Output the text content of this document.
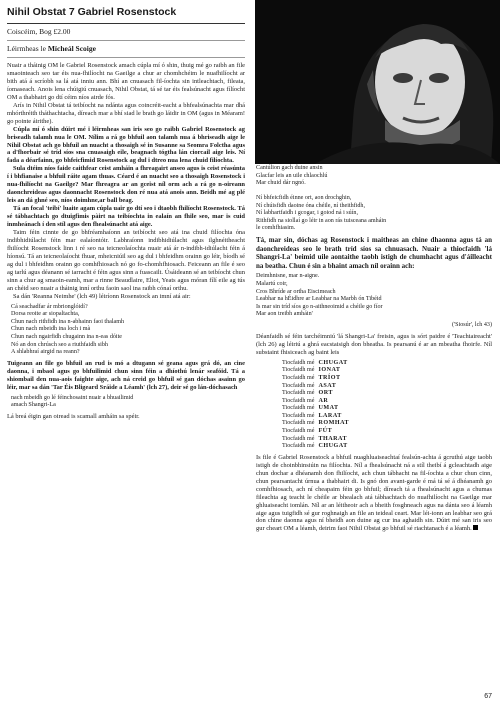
Nihil Obstat 7 Gabriel Rosenstock
Coiscéim, Bog £2.00
Léirmheas le Mícheál Scoige

Nuair a tháinig OM le Gabriel Rosenstock amach cúpla mí ó shin, thuig mé go raibh an file smaointeach seo tar éis nua-fhilíocht na Gaeilge a chur ar chomhchéim le nuafhilíocht ar bith atá á scríobh sa lá atá inniu ann. Bhí an cnuasach fil-íochta sin intleachtach, fileata, íomaseach. Anois lena chúigiú cnuasach, Nihil Obstat, tá sé tar éis fealsúnacht agus fílíocht OM a thabhairt go dtí céim níos airde fós.

Arís in Nihil Obstat tá teibíocht na ndánta agus coincréit-eacht a bhfealsúnachta mar dhá mhórthréith tháthachtacha, díreach mar a bhí siad le brath go láidir in OM (agus in Méaram! go pointe áirithe).

Cúpla mí ó shin dúirt mé i léirmheas san iris seo go raibh Gabriel Rosenstock ag briseadh talamh nua le OM. Nílim a rá go bhfuil aon talamh nua á bhriseadh aige le Nihil Obstat ach go bhfuil an nuacht a thosaigh sé in Susanne sa Seomra Folctha agus a d'fhorbair sé tríd síos sna cnuasaigh eile, beagnach tógtha lán ciorcail aige leis. Ní fada a déarfainn, go bhfeicfimid Rosenstock ag dul i dtreo nua lena chuid filíochta.

Sula dtéim níos faide caithfear ceist amháin a fhreagairt anseo agus is ceist réasúnta í i bhfianaise a bhfuil ráite agam thuas. Céard é an nuacht seo a thosaigh Rosenstock i nua-fhilíocht na Gaeilge? Mar fhreagra ar an gceist níl orm ach a rá go n-oireann daonchreideas agus daonnacht Rosenstock don ré nua atá anois ann. Beidh mé ag plé leis an dá ghné seo, níos doimhne,ar ball beag.

Tá an focal 'teibí' luaite agam cúpla uair go dtí seo i dtaobh fhilíocht Rosenstock. Tá sé tábhachtach go dtuigfimis pàirt na teibíochta in ealaín an fhile seo, mar is cuid inmheánach í den stíl agus den fhealsúnacht atá aige.

Taim féin cinnte de go bhfréamhaíonn an teibíocht seo atá ina chuid filíochta óna indibhidiúlacht féin mar ealaíontóir. Labhraíonn indibhidiúlacht agus ilghnéitheacht fhilíocht Rosenstock linn i ré seo na teicneolaíochta nuair atá ár n-indibh-idiúlacht féin á híonsú. Tá an teicneolaíocht fhuar, mheicniúil seo ag dul i bhfeidhm orainn go léir, bíodh sé ag dul i bhfeidhm orainn go comhfhiosach nó go fo-chomhfhiosach. Feiceann an file é seo ag tarlú agus déanann sé iarracht é féin agus sinn a fuascailt. Úsáideann sé an teibíocht chun sinn a chur ag smaoin-eamh, mar a rinne Beaudlaire, Eliot, Yeats agus móran fílí eile ag tús an chéid seo nuair a tháinig inní orthu faoin saol ina raibh cónaí orthu.

Sa dán 'Reanna Neimhe' (lch 49) léiríonn Rosenstock an imní atá air:

Cá seachadfar ár mbrionglóidí?
Dorsa reoite ar siopaltachta,
Chun nach rithfidh ina n-abhainn faoi thalamh
Chun nach mbeidh ina loch i mà
Chun nach ngairfidh chugainn ina n-eas dóite
Nó an don chrúsch seo a riuthfaidh sibh
A shlabhraí airgid na reann?

Tuigeann an file go bhfuil an rud is mó a dtugann sé geana agus grá dó, an cine daonna, i mbaol agus go bhfuilimid chun sinn féin a dhíothú lenár seafóid. Tá a shiombail den nua-aois faighte aige, ach ná creid go bhfuil sé gan dóchas asainn go léir, mar sa dán 'Tar Éis Bligeard Sráide a Léamh' (lch 27), deir sé go lán-dóchasach

nach mbeidh go lé féinchosaint nuair a bhuailimid
amach Shangri-La

Lá breá éigin gan oiread is scamall amháin sa spéir.

Cantúlion gach duine ansin
Glacfar leis an uile chlaochlú
Mar chuid dár ngnó.
Ní bhfeicfidh éinne ort, aon drochghin,
Ní chúisfidh daoine óna chéile, ní theithfidh,
Ní labhartfaidh i gcogar, i goiod ná i súín,
Rithfidh na siollaí go léir in aon rás tuisceana amháin
le comhfhiasim.

Tá, mar sin, dóchas ag Rosenstock i maitheas an chine dhaonna agus tá an daonchreideas seo le brath tríd síos sa chnuasach. Nuair a thiocfaidh 'lá Shangri-La' beimid uile aontaithe taobh istigh de chumhacht agus d'áilleacht na beatha. Chun é sin a bhaint amach níl orainn ach:

Deimhnisne, mar n-aigne.
Malartú coir,
Cros Bhríde ar ortha Eiscimeach
Leabhar na hÉidhre ar Leabhar na Marbh ón Tibéid
Is mar sin tríd síos go n-aithneoimid a chéile go fíor
Mar aon treibh amháin'
('Siosúr', lch 43)

Déanfaidh sé féin tarchéimniú 'lá Shangri-La' freisin, agus is sórt paidre é 'Teachtaireacht' (lch 26) ag léiriú a ghrá eacstaisigh don bheatha. Is pearsanú é ar an mbeatha fhoirfe. Níl substaint fhisiceach ag baint leis

Tiocfaidh mé	CHUGAT
Tiocfaidh mé	IONAT
Tiocfaidh mé	TRÍOT
Tiocfaidh mé	ASAT
Tiocfaidh mé	ORT
Tiocfaidh mé	AR
Tiocfaidh mé	UMAT
Tiocfaidh mé	LARAT
Tiocfaidh mé	ROMHAT
Tiocfaidh mé	FÚT
Tiocfaidh mé	THARAT
Tiocfaidh mé	CHUGAT

Is file é Gabriel Rosenstock a bhfuil nuaghluaiseachtaí fealsún-achta á gcruthú aige taobh istigh de choinbhinsiúin na filíochta. Níl a fhealsúnacht ná a stíl theibí á gcleachtadh aige chun dochar a dhéanamh don fhilíocht, ach chun tábhacht na fil-íochta a chur chun cinn, chun pearsantacht úrnua a thabhairt di. Is gnó don avant-garde é má tá sé á dhéanamh go comhfhiosach, ach ní cheapaim féin go bhfuil; díreach tá a fhealsúnacht agus a chumas fileachta ag teacht le chéile ar bhealach atá tábhachtach do nuafhilíocht na Gaeilge mar ghluaiseacht iomlán. Níl ar an léitheoir ach a bheith fosghneach agus na dánta seo á léamh aige agus tuigfidh sé gur roghnaigh an file an teideal ceart. Mar léi-ionn an leabhar seo grá don chine daonna agus ní bheidh aon duine ag cur ina aghaidh sin. Dúirt mé san iris seo gur cheart OM a léamh, deirim faoi Nihil Obstat go bhfuil sé riachtanach é a léamh.

67
